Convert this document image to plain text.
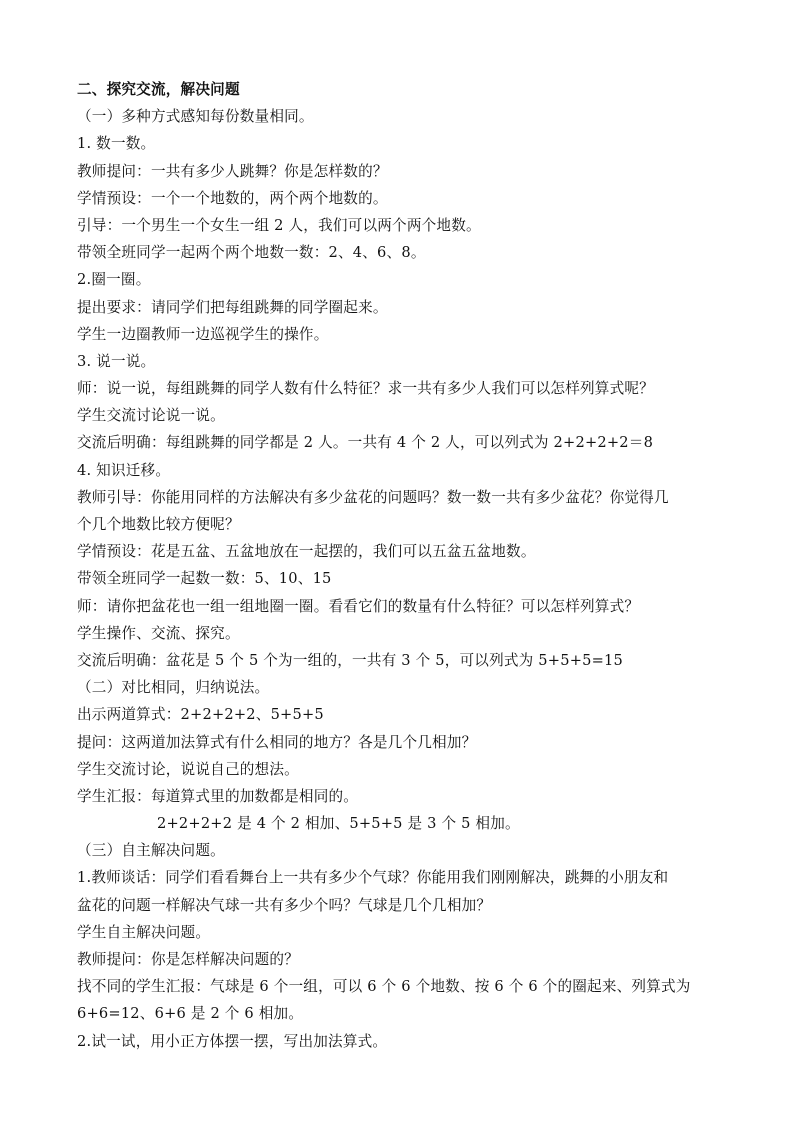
二、探究交流，解决问题
（一）多种方式感知每份数量相同。
1. 数一数。
教师提问：一共有多少人跳舞？你是怎样数的？
学情预设：一个一个地数的，两个两个地数的。
引导：一个男生一个女生一组 2 人，我们可以两个两个地数。
带领全班同学一起两个两个地数一数：2、4、6、8。
2.圈一圈。
提出要求：请同学们把每组跳舞的同学圈起来。
学生一边圈教师一边巡视学生的操作。
3. 说一说。
师：说一说，每组跳舞的同学人数有什么特征？求一共有多少人我们可以怎样列算式呢？
学生交流讨论说一说。
交流后明确：每组跳舞的同学都是 2 人。一共有 4 个 2 人，可以列式为 2+2+2+2＝8
4. 知识迁移。
教师引导：你能用同样的方法解决有多少盆花的问题吗？数一数一共有多少盆花？你觉得几
个几个地数比较方便呢？
学情预设：花是五盆、五盆地放在一起摆的，我们可以五盆五盆地数。
带领全班同学一起数一数：5、10、15
师：请你把盆花也一组一组地圈一圈。看看它们的数量有什么特征？可以怎样列算式？
学生操作、交流、探究。
交流后明确：盆花是 5 个 5 个为一组的，一共有 3 个 5，可以列式为 5+5+5=15
（二）对比相同，归纳说法。
出示两道算式：2+2+2+2、5+5+5
提问：这两道加法算式有什么相同的地方？各是几个几相加？
学生交流讨论，说说自己的想法。
学生汇报：每道算式里的加数都是相同的。
2+2+2+2 是 4 个 2 相加、5+5+5 是 3 个 5 相加。
（三）自主解决问题。
1.教师谈话：同学们看看舞台上一共有多少个气球？你能用我们刚刚解决，跳舞的小朋友和
盆花的问题一样解决气球一共有多少个吗？气球是几个几相加？
学生自主解决问题。
教师提问：你是怎样解决问题的？
找不同的学生汇报：气球是 6 个一组，可以 6 个 6 个地数、按 6 个 6 个的圈起来、列算式为
6+6=12、6+6 是 2 个 6 相加。
2.试一试，用小正方体摆一摆，写出加法算式。
